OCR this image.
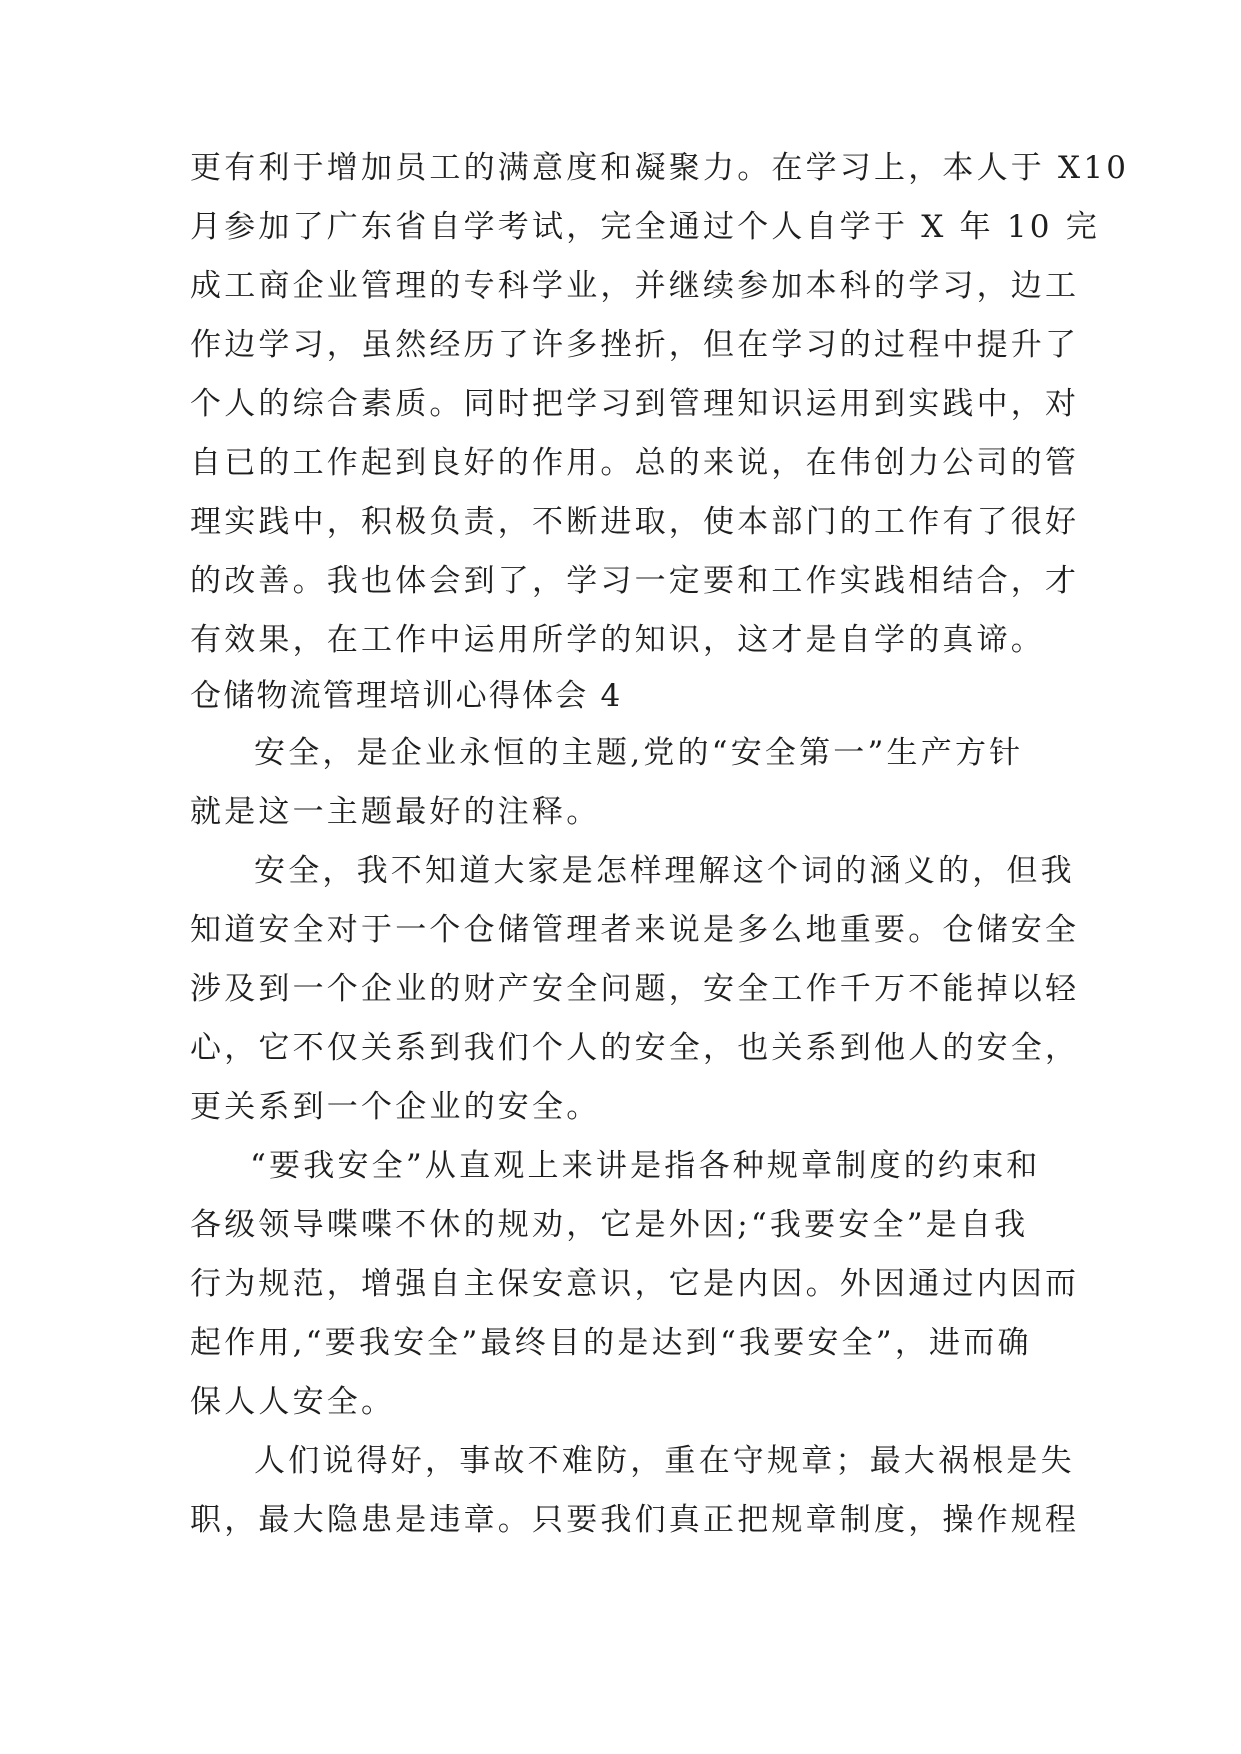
更有利于增加员工的满意度和凝聚力。在学习上，本人于 X10
月参加了广东省自学考试，完全通过个人自学于 X 年 10 完
成工商企业管理的专科学业，并继续参加本科的学习，边工
作边学习，虽然经历了许多挫折，但在学习的过程中提升了
个人的综合素质。同时把学习到管理知识运用到实践中，对
自已的工作起到良好的作用。总的来说，在伟创力公司的管
理实践中，积极负责，不断进取，使本部门的工作有了很好
的改善。我也体会到了，学习一定要和工作实践相结合，才
有效果，在工作中运用所学的知识，这才是自学的真谛。
仓储物流管理培训心得体会 4
安全，是企业永恒的主题,党的“安全第一”生产方针
就是这一主题最好的注释。
安全，我不知道大家是怎样理解这个词的涵义的，但我
知道安全对于一个仓储管理者来说是多么地重要。仓储安全
涉及到一个企业的财产安全问题，安全工作千万不能掉以轻
心，它不仅关系到我们个人的安全，也关系到他人的安全，
更关系到一个企业的安全。
“要我安全”从直观上来讲是指各种规章制度的约束和
各级领导喋喋不休的规劝，它是外因;“我要安全”是自我
行为规范，增强自主保安意识，它是内因。外因通过内因而
起作用,“要我安全”最终目的是达到“我要安全”，进而确
保人人安全。
人们说得好，事故不难防，重在守规章；最大祸根是失
职，最大隐患是违章。只要我们真正把规章制度，操作规程
